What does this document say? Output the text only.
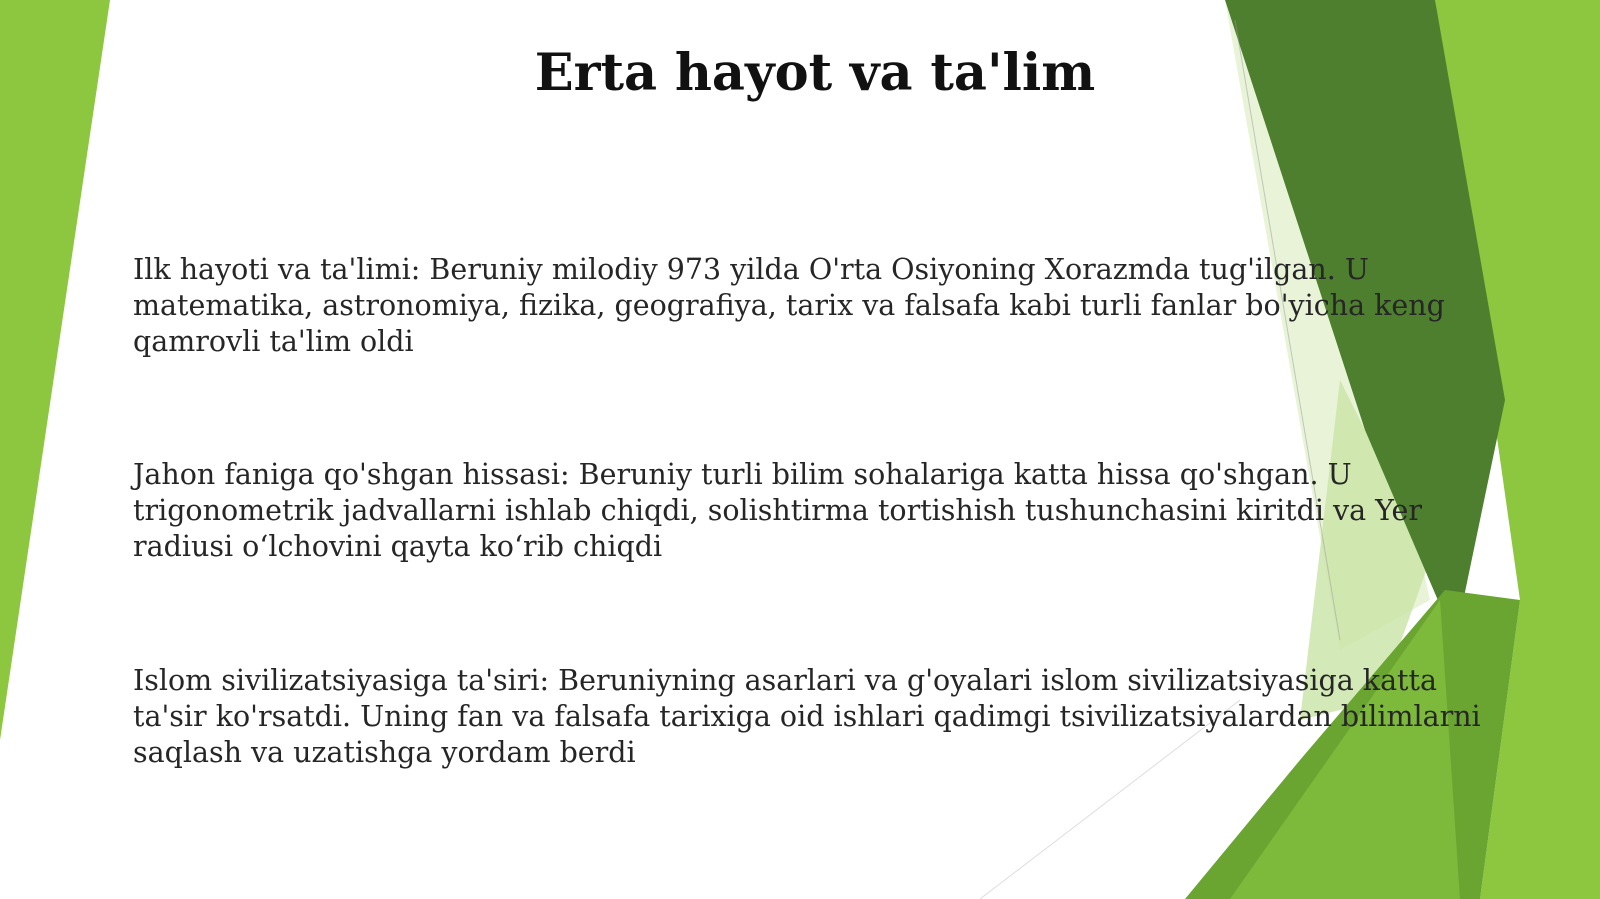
Erta hayot va ta'lim

Ilk hayoti va ta'limi: Beruniy milodiy 973 yilda O'rta Osiyoning Xorazmda tug'ilgan. U matematika, astronomiya, fizika, geografiya, tarix va falsafa kabi turli fanlar bo'yicha keng qamrovli ta'lim oldi

Jahon faniga qo'shgan hissasi: Beruniy turli bilim sohalariga katta hissa qo'shgan. U trigonometrik jadvallarni ishlab chiqdi, solishtirma tortishish tushunchasini kiritdi va Yer radiusi o‘lchovini qayta ko‘rib chiqdi

Islom sivilizatsiyasiga ta'siri: Beruniyning asarlari va g'oyalari islom sivilizatsiyasiga katta ta'sir ko'rsatdi. Uning fan va falsafa tarixiga oid ishlari qadimgi tsivilizatsiyalardan bilimlarni saqlash va uzatishga yordam berdi
